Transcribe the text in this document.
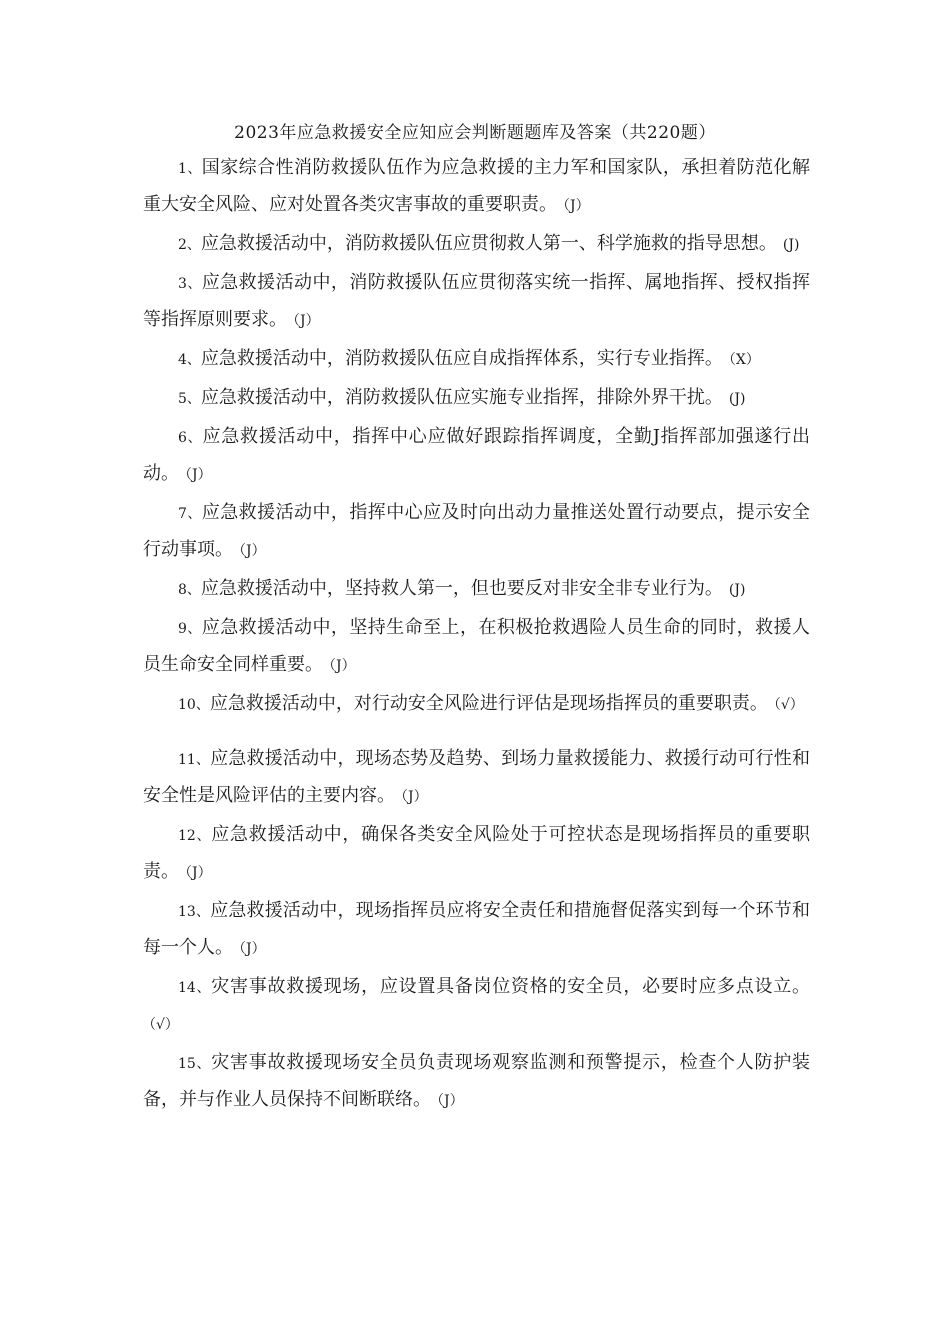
2023年应急救援安全应知应会判断题题库及答案（共220题）

1、国家综合性消防救援队伍作为应急救援的主力军和国家队，承担着防范化解重大安全风险、应对处置各类灾害事故的重要职责。 （J）

2、应急救援活动中，消防救援队伍应贯彻救人第一、科学施救的指导思想。 (J)

3、应急救援活动中，消防救援队伍应贯彻落实统一指挥、属地指挥、授权指挥等指挥原则要求。 （J）

4、应急救援活动中，消防救援队伍应自成指挥体系，实行专业指挥。 （X）

5、应急救援活动中，消防救援队伍应实施专业指挥，排除外界干扰。 (J)

6、应急救援活动中，指挥中心应做好跟踪指挥调度，全勤J指挥部加强遂行出动。 （J）

7、应急救援活动中，指挥中心应及时向出动力量推送处置行动要点，提示安全行动事项。 （J）

8、应急救援活动中，坚持救人第一，但也要反对非安全非专业行为。 (J)

9、应急救援活动中，坚持生命至上，在积极抢救遇险人员生命的同时，救援人员生命安全同样重要。 （J）

10、应急救援活动中，对行动安全风险进行评估是现场指挥员的重要职责。 （√）

11、应急救援活动中，现场态势及趋势、到场力量救援能力、救援行动可行性和安全性是风险评估的主要内容。 （J）

12、应急救援活动中，确保各类安全风险处于可控状态是现场指挥员的重要职责。 （J）

13、应急救援活动中，现场指挥员应将安全责任和措施督促落实到每一个环节和每一个人。 （J）

14、灾害事故救援现场，应设置具备岗位资格的安全员，必要时应多点设立。（√）

15、灾害事故救援现场安全员负责现场观察监测和预警提示，检查个人防护装备，并与作业人员保持不间断联络。 （J）
